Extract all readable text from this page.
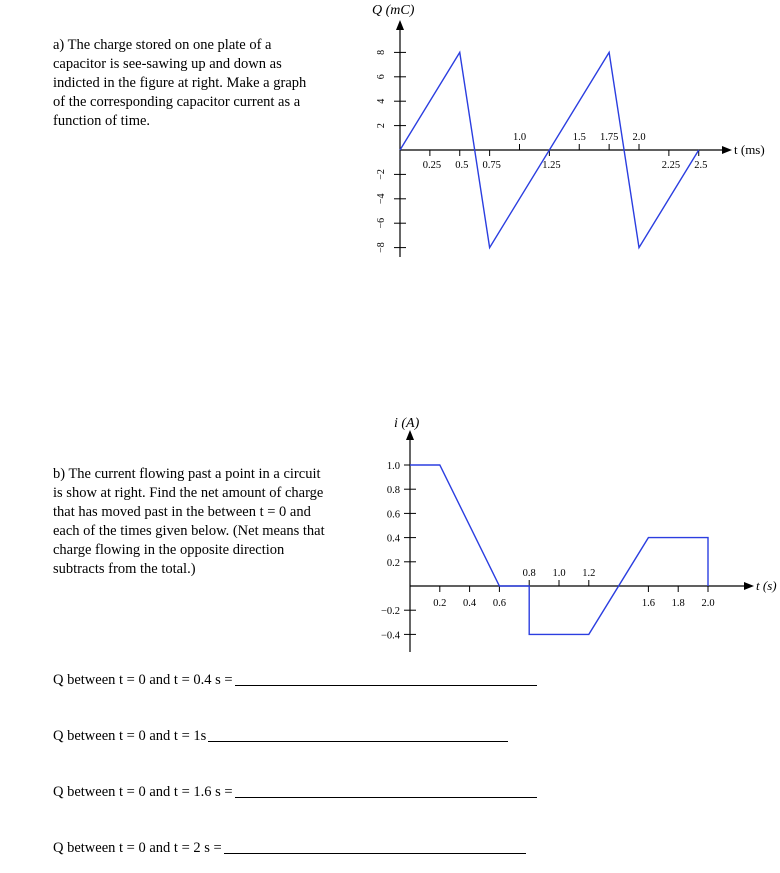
a) The charge stored on one plate of a
capacitor is see-sawing up and down as
indicted in the figure at right. Make a graph
of the corresponding capacitor current as a
function of time.
b) The current flowing past a point in a circuit
is show at right. Find the net amount of charge
that has moved past in the between t = 0 and
each of the times given below. (Net means that
charge flowing in the opposite direction
subtracts from the total.)
Q (mC)
t (ms)
−8
−6
−4
−2
2
4
6
8
1.0	1.5 1.75 2.0
0.25 0.5 0.75	1.25	2.25 2.5
i (A)
t (s)
0.2
0.4
0.6
0.8
1.0
−0.2
−0.4
0.8 1.0 1.2
0.2 0.4 0.6	1.6 1.8 2.0
Q between t = 0 and t = 0.4 s =
Q between t = 0 and t = 1s
Q between t = 0 and t = 1.6 s =
Q between t = 0 and t = 2 s =
